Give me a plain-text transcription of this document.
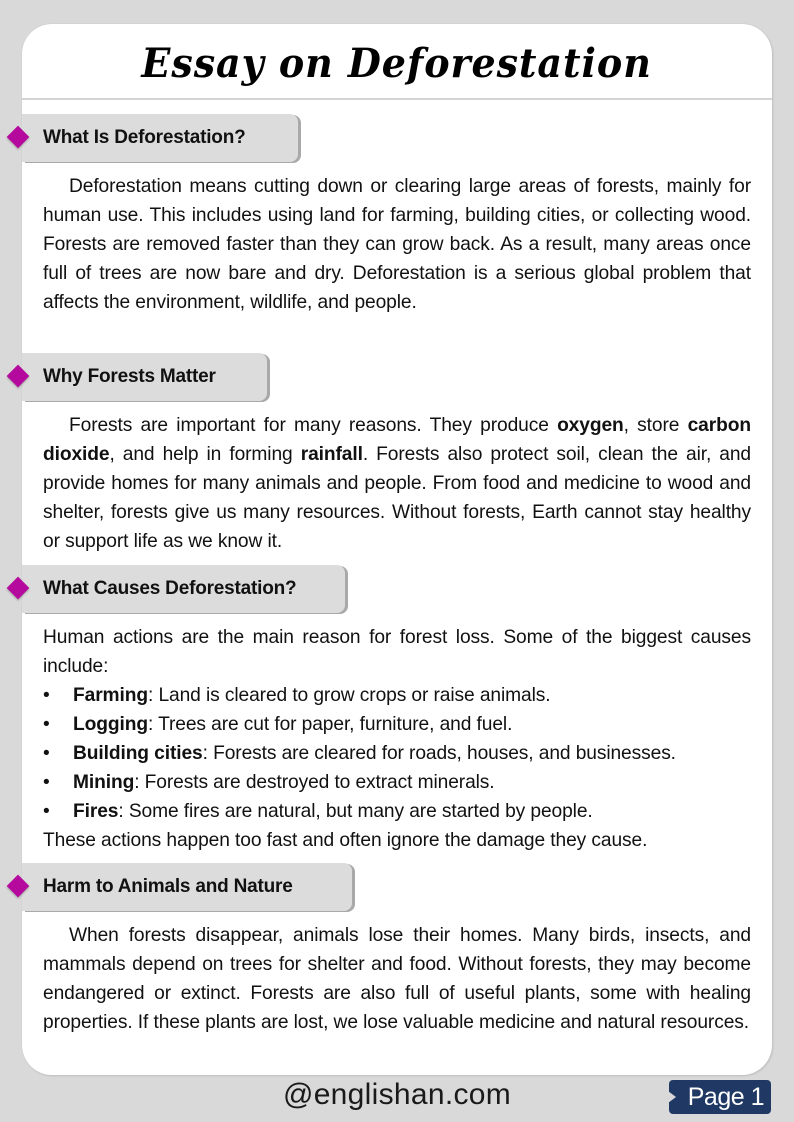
Essay on Deforestation
What Is Deforestation?

Deforestation means cutting down or clearing large areas of forests, mainly for human use. This includes using land for farming, building cities, or collecting wood. Forests are removed faster than they can grow back. As a result, many areas once full of trees are now bare and dry. Deforestation is a serious global problem that affects the environment, wildlife, and people.

Why Forests Matter

Forests are important for many reasons. They produce oxygen, store carbon dioxide, and help in forming rainfall. Forests also protect soil, clean the air, and provide homes for many animals and people. From food and medicine to wood and shelter, forests give us many resources. Without forests, Earth cannot stay healthy or support life as we know it.

What Causes Deforestation?

Human actions are the main reason for forest loss. Some of the biggest causes include:

• Farming: Land is cleared to grow crops or raise animals.
• Logging: Trees are cut for paper, furniture, and fuel.
• Building cities: Forests are cleared for roads, houses, and businesses.
• Mining: Forests are destroyed to extract minerals.
• Fires: Some fires are natural, but many are started by people.

These actions happen too fast and often ignore the damage they cause.

Harm to Animals and Nature

When forests disappear, animals lose their homes. Many birds, insects, and mammals depend on trees for shelter and food. Without forests, they may become endangered or extinct. Forests are also full of useful plants, some with healing properties. If these plants are lost, we lose valuable medicine and natural resources.

@englishan.com	Page 1
